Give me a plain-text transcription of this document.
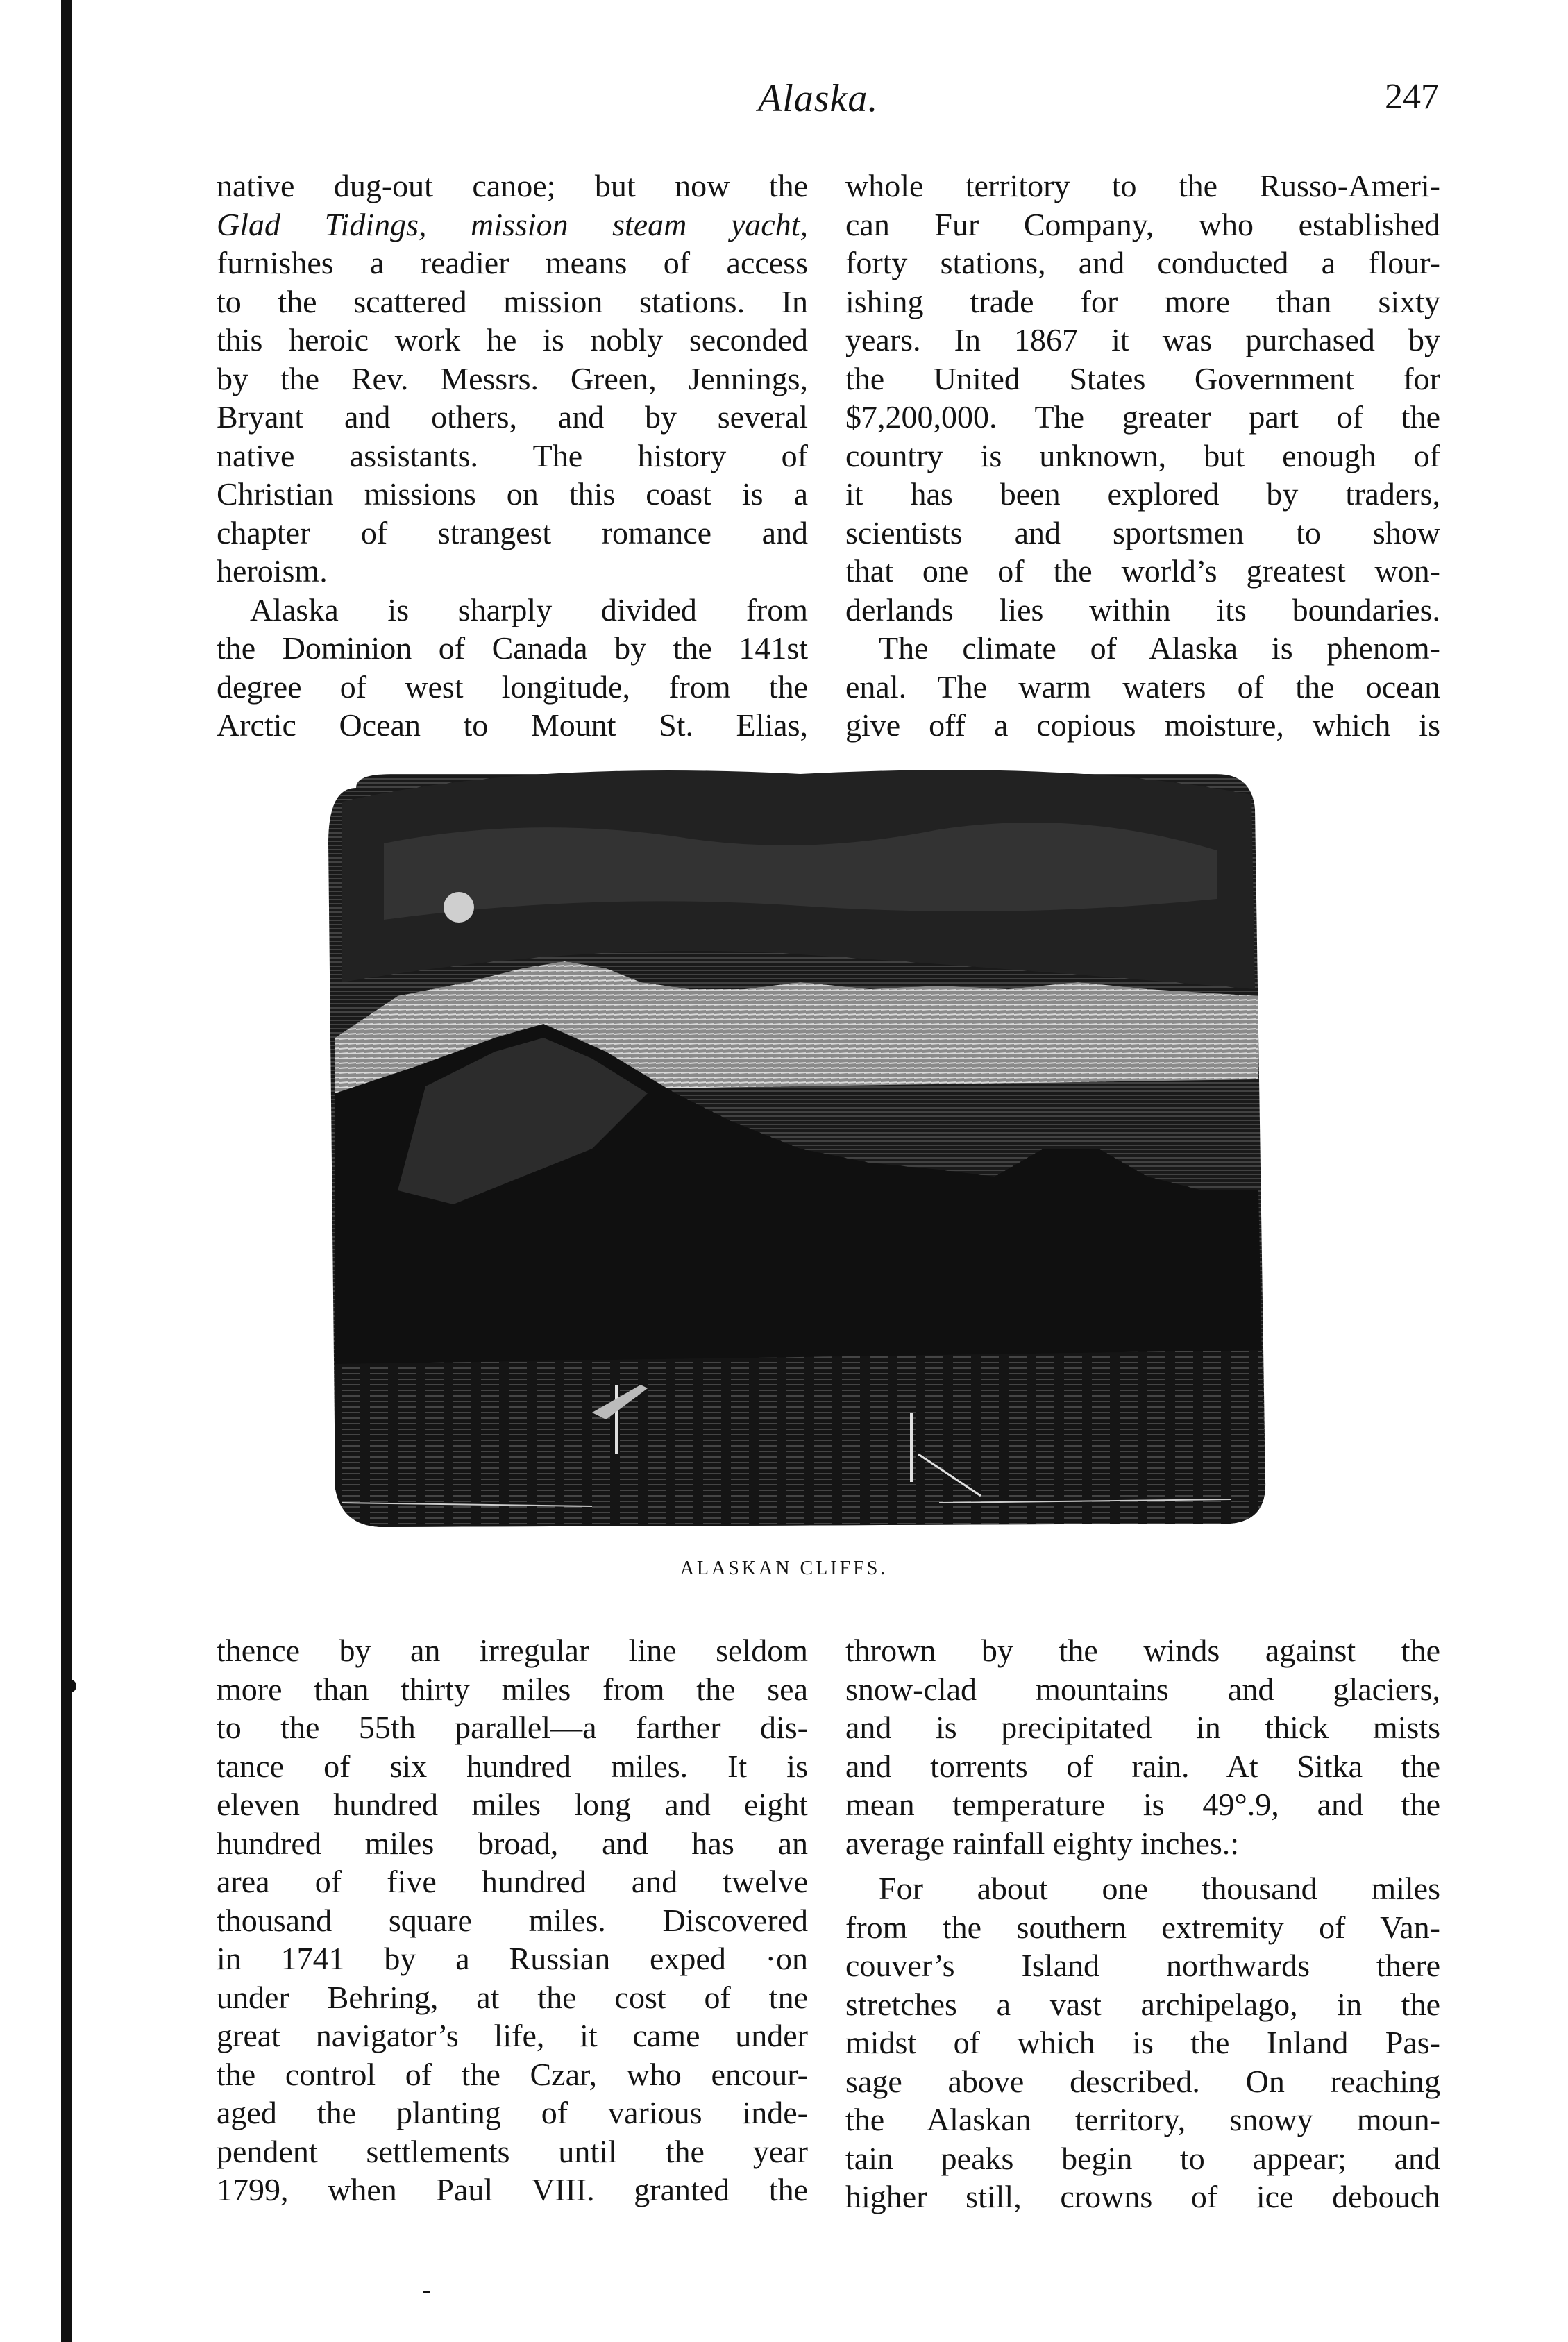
Alaska.	247

native dug-out canoe; but now the
Glad Tidings, mission steam yacht,
furnishes a readier means of access
to the scattered mission stations. In
this heroic work he is nobly seconded
by the Rev. Messrs. Green, Jennings,
Bryant and others, and by several
native assistants. The history of
Christian missions on this coast is a
chapter of strangest romance and
heroism.

Alaska is sharply divided from
the Dominion of Canada by the 141st
degree of west longitude, from the
Arctic Ocean to Mount St. Elias,

whole territory to the Russo-Ameri-
can Fur Company, who established
forty stations, and conducted a flour-
ishing trade for more than sixty
years. In 1867 it was purchased by
the United States Government for
$7,200,000. The greater part of the
country is unknown, but enough of
it has been explored by traders,
scientists and sportsmen to show
that one of the world’s greatest won-
derlands lies within its boundaries.

The climate of Alaska is phenom-
enal. The warm waters of the ocean
give off a copious moisture, which is

ALASKAN CLIFFS.

thence by an irregular line seldom
more than thirty miles from the sea
to the 55th parallel—a farther dis-
tance of six hundred miles. It is
eleven hundred miles long and eight
hundred miles broad, and has an
area of five hundred and twelve
thousand square miles. Discovered
in 1741 by a Russian exped ·on
under Behring, at the cost of tne
great navigator’s life, it came under
the control of the Czar, who encour-
aged the planting of various inde-
pendent settlements until the year
1799, when Paul VIII. granted the

thrown by the winds against the
snow-clad mountains and glaciers,
and is precipitated in thick mists
and torrents of rain. At Sitka the
mean temperature is 49°.9, and the
average rainfall eighty inches.:

For about one thousand miles
from the southern extremity of Van-
couver’s Island northwards there
stretches a vast archipelago, in the
midst of which is the Inland Pas-
sage above described. On reaching
the Alaskan territory, snowy moun-
tain peaks begin to appear; and
higher still, crowns of ice debouch
